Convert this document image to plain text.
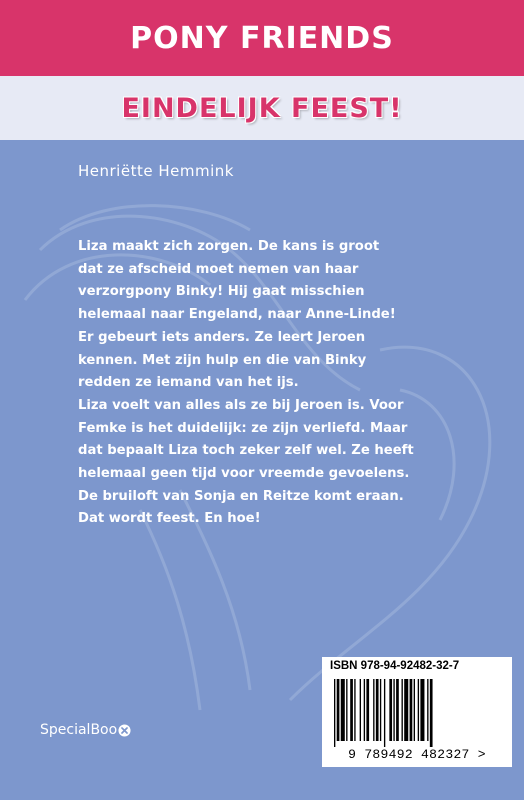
PONY FRIENDS
EINDELIJK FEEST!
Henriëtte Hemmink
Liza maakt zich zorgen. De kans is groot
dat ze afscheid moet nemen van haar
verzorgpony Binky! Hij gaat misschien
helemaal naar Engeland, naar Anne-Linde!
Er gebeurt iets anders. Ze leert Jeroen
kennen. Met zijn hulp en die van Binky
redden ze iemand van het ijs.
Liza voelt van alles als ze bij Jeroen is. Voor
Femke is het duidelijk: ze zijn verliefd. Maar
dat bepaalt Liza toch zeker zelf wel. Ze heeft
helemaal geen tijd voor vreemde gevoelens.
De bruiloft van Sonja en Reitze komt eraan.
Dat wordt feest. En hoe!
SpecialBoo
ISBN 978-94-92482-32-7
9 789492 482327 >
